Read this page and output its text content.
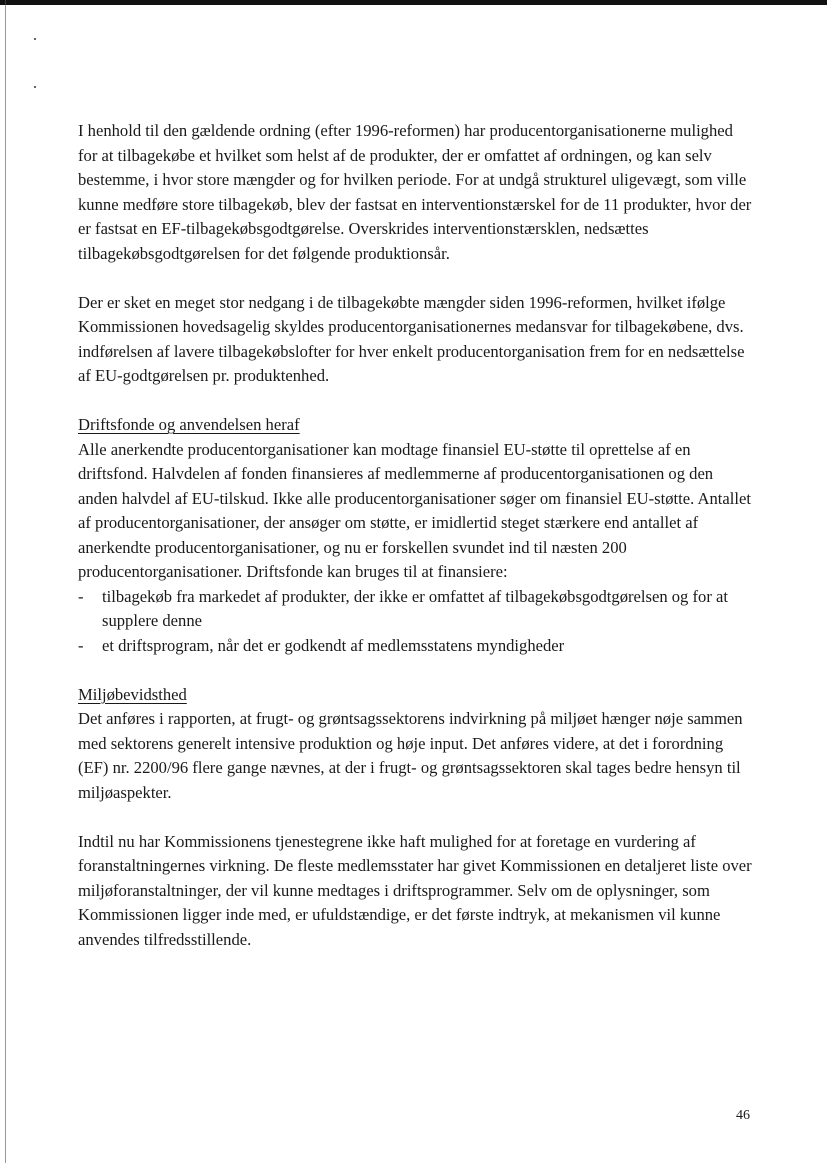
I henhold til den gældende ordning (efter 1996-reformen) har producentorganisationerne mulighed for at tilbagekøbe et hvilket som helst af de produkter, der er omfattet af ordningen, og kan selv bestemme, i hvor store mængder og for hvilken periode. For at undgå strukturel uligevægt, som ville kunne medføre store tilbagekøb, blev der fastsat en interventionstærskel for de 11 produkter, hvor der er fastsat en EF-tilbagekøbsgodtgørelse. Overskrides interventionstærsklen, nedsættes tilbagekøbsgodtgørelsen for det følgende produktionsår.

Der er sket en meget stor nedgang i de tilbagekøbte mængder siden 1996-reformen, hvilket ifølge Kommissionen hovedsagelig skyldes producentorganisationernes medansvar for tilbagekøbene, dvs. indførelsen af lavere tilbagekøbslofter for hver enkelt producentorganisation frem for en nedsættelse af EU-godtgørelsen pr. produktenhed.

Driftsfonde og anvendelsen heraf

Alle anerkendte producentorganisationer kan modtage finansiel EU-støtte til oprettelse af en driftsfond. Halvdelen af fonden finansieres af medlemmerne af producentorganisationen og den anden halvdel af EU-tilskud. Ikke alle producentorganisationer søger om finansiel EU-støtte. Antallet af producentorganisationer, der ansøger om støtte, er imidlertid steget stærkere end antallet af anerkendte producentorganisationer, og nu er forskellen svundet ind til næsten 200 producentorganisationer. Driftsfonde kan bruges til at finansiere:

- tilbagekøb fra markedet af produkter, der ikke er omfattet af tilbagekøbsgodtgørelsen og for at supplere denne
- et driftsprogram, når det er godkendt af medlemsstatens myndigheder

Miljøbevidsthed

Det anføres i rapporten, at frugt- og grøntsagssektorens indvirkning på miljøet hænger nøje sammen med sektorens generelt intensive produktion og høje input. Det anføres videre, at det i forordning (EF) nr. 2200/96 flere gange nævnes, at der i frugt- og grøntsagssektoren skal tages bedre hensyn til miljøaspekter.

Indtil nu har Kommissionens tjenestegrene ikke haft mulighed for at foretage en vurdering af foranstaltningernes virkning. De fleste medlemsstater har givet Kommissionen en detaljeret liste over miljøforanstaltninger, der vil kunne medtages i driftsprogrammer. Selv om de oplysninger, som Kommissionen ligger inde med, er ufuldstændige, er det første indtryk, at mekanismen vil kunne anvendes tilfredsstillende.

46
